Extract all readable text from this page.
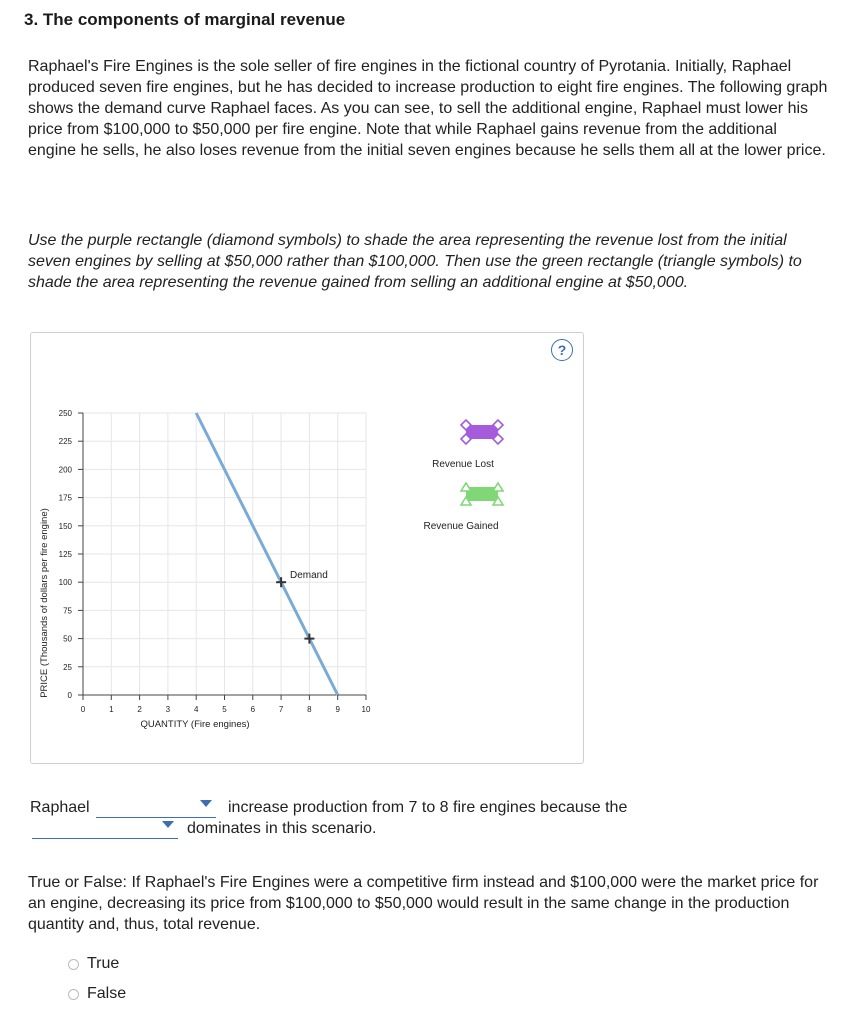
3. The components of marginal revenue
Raphael's Fire Engines is the sole seller of fire engines in the fictional country of Pyrotania. Initially, Raphael produced seven fire engines, but he has decided to increase production to eight fire engines. The following graph shows the demand curve Raphael faces. As you can see, to sell the additional engine, Raphael must lower his price from $100,000 to $50,000 per fire engine. Note that while Raphael gains revenue from the additional engine he sells, he also loses revenue from the initial seven engines because he sells them all at the lower price.
Use the purple rectangle (diamond symbols) to shade the area representing the revenue lost from the initial seven engines by selling at $50,000 rather than $100,000. Then use the green rectangle (triangle symbols) to shade the area representing the revenue gained from selling an additional engine at $50,000.
?
0
25
50
75
100
125
150
175
200
225
250
0	1	2	3	4	5	6	7	8	9	10
PRICE (Thousands of dollars per fire engine)
QUANTITY (Fire engines)
Demand
Revenue Lost
Revenue Gained
Raphael	increase production from 7 to 8 fire engines because the
dominates in this scenario.
True or False: If Raphael's Fire Engines were a competitive firm instead and $100,000 were the market price for an engine, decreasing its price from $100,000 to $50,000 would result in the same change in the production quantity and, thus, total revenue.
True
False
